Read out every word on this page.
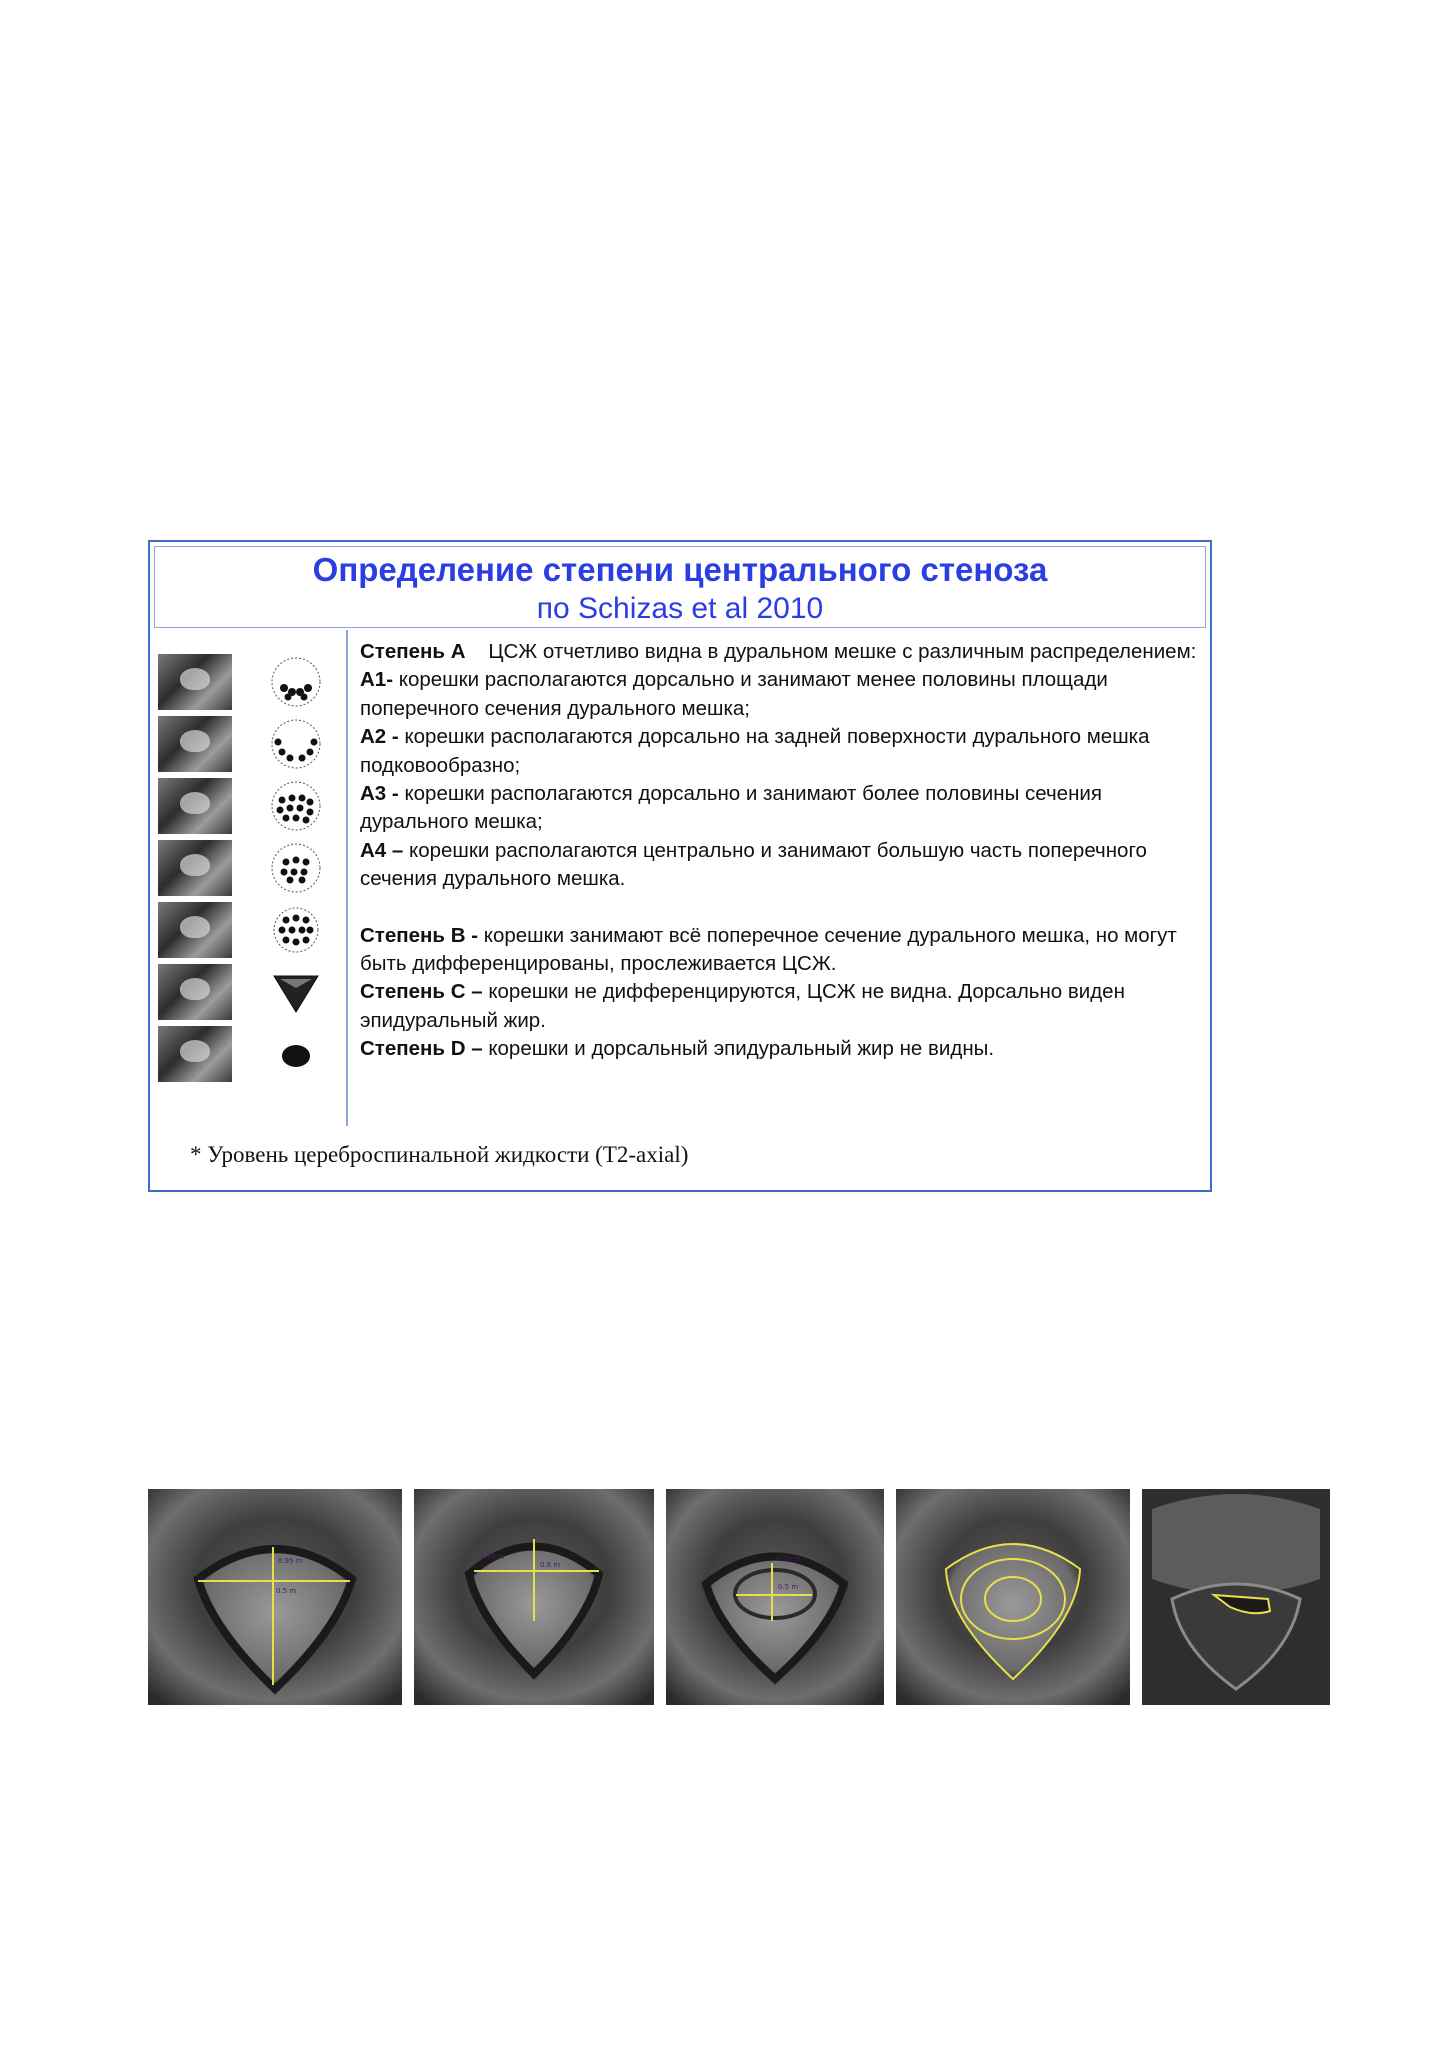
Определение степени центрального стеноза
по Schizas et al 2010

Степень А ЦСЖ отчетливо видна в дуральном мешке с различным распределением:

А1- корешки располагаются дорсально и занимают менее половины площади поперечного сечения дурального мешка;

А2 - корешки располагаются дорсально на задней поверхности дурального мешка подковообразно;

А3 - корешки располагаются дорсально и занимают более половины сечения дурального мешка;

А4 – корешки располагаются центрально и занимают большую часть поперечного сечения дурального мешка.

Степень В - корешки занимают всё поперечное сечение дурального мешка, но могут быть дифференцированы, прослеживается ЦСЖ.

Степень С – корешки не дифференцируются, ЦСЖ не видна. Дорсально виден эпидуральный жир.

Степень D – корешки и дорсальный эпидуральный жир не видны.

* Уровень цереброспинальной жидкости (T2-axial)
0.95 m
0.5 m
1.76 m
0.8 m
0.70 m
0.5 m
